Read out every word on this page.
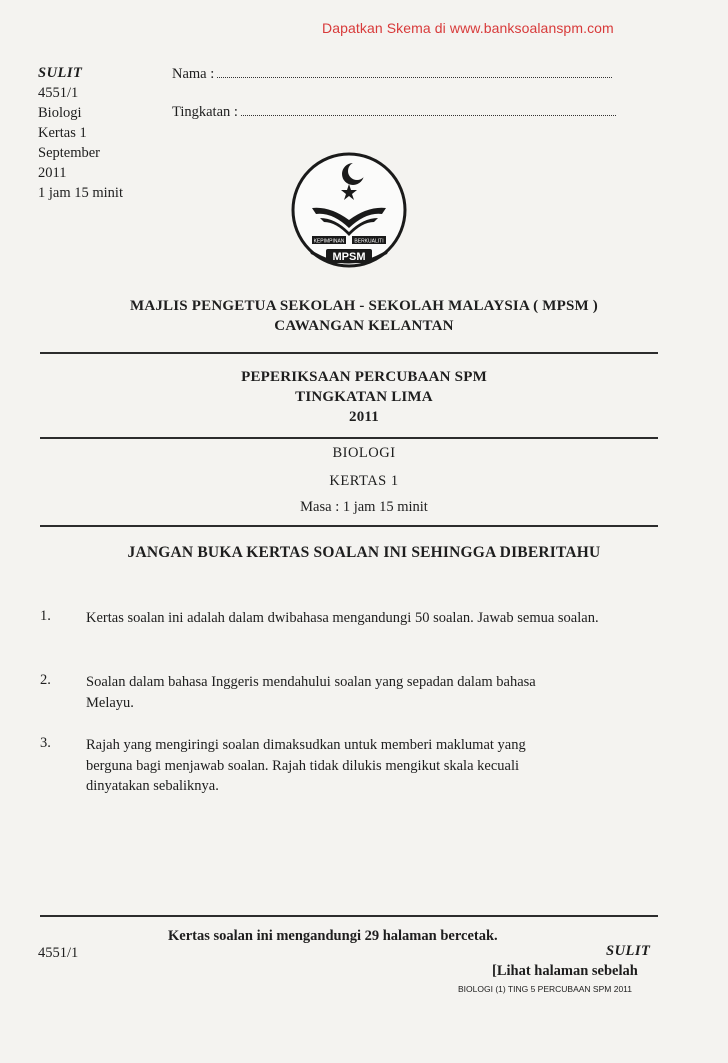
Dapatkan Skema di www.banksoalanspm.com
SULIT
4551/1
Biologi
Kertas 1
September
2011
1 jam 15 minit
Nama :
Tingkatan :
KEPIMPINAN BERKUALITI
MPSM
MAJLIS PENGETUA SEKOLAH - SEKOLAH MALAYSIA ( MPSM )
CAWANGAN KELANTAN
PEPERIKSAAN PERCUBAAN SPM
TINGKATAN LIMA
2011
BIOLOGI
KERTAS 1
Masa : 1 jam 15 minit
JANGAN BUKA KERTAS SOALAN INI SEHINGGA DIBERITAHU
1. Kertas soalan ini adalah dalam dwibahasa mengandungi 50 soalan. Jawab semua soalan.
2. Soalan dalam bahasa Inggeris mendahului soalan yang sepadan dalam bahasa Melayu.
3. Rajah yang mengiringi soalan dimaksudkan untuk memberi maklumat yang berguna bagi menjawab soalan. Rajah tidak dilukis mengikut skala kecuali dinyatakan sebaliknya.
Kertas soalan ini mengandungi 29 halaman bercetak.
4551/1	SULIT
[Lihat halaman sebelah
BIOLOGI (1) TING 5 PERCUBAAN SPM 2011
